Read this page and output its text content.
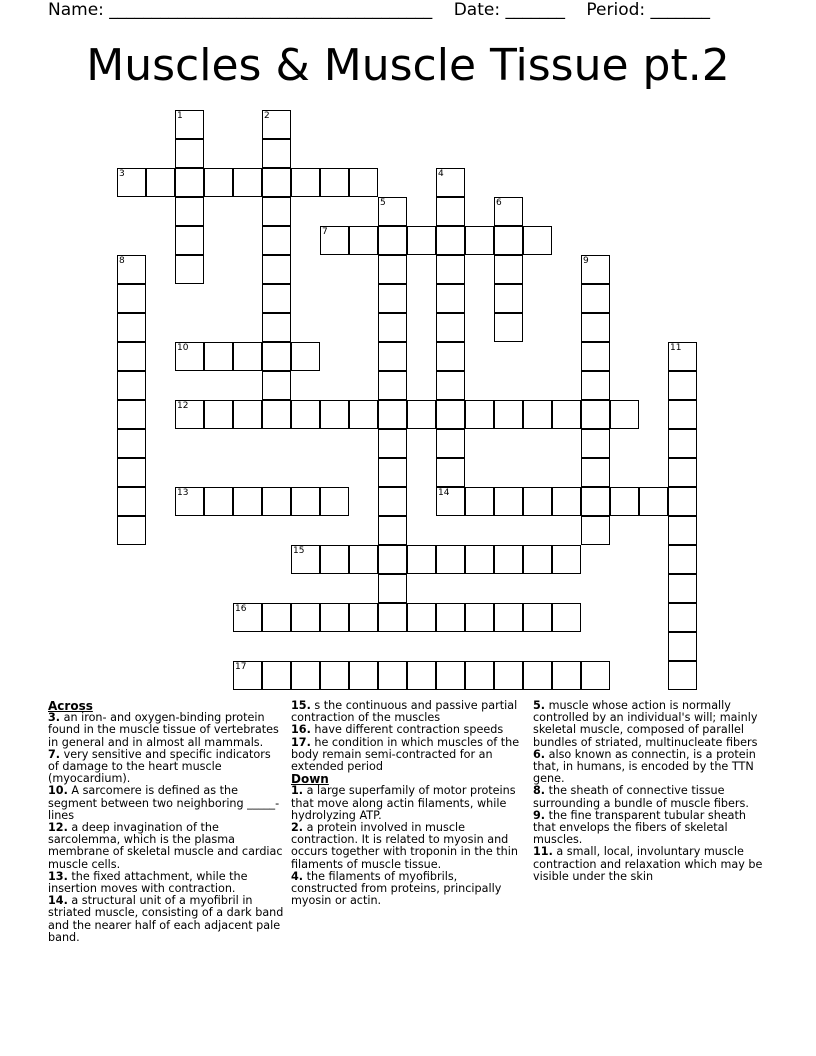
Name: ______________________________________ Date: _______ Period: _______
Muscles & Muscle Tissue pt.2
1	2
3	4
14
5	6
7
8	9
10	11
12
13
15
16
17

Across

3. an iron- and oxygen-binding protein found in the muscle tissue of vertebrates in general and in almost all mammals.

7. very sensitive and specific indicators of damage to the heart muscle (myocardium).

10. A sarcomere is defined as the segment between two neighboring _____-lines

12. a deep invagination of the sarcolemma, which is the plasma membrane of skeletal muscle and cardiac muscle cells.

13. the fixed attachment, while the insertion moves with contraction.

14. a structural unit of a myofibril in striated muscle, consisting of a dark band and the nearer half of each adjacent pale band.

15. s the continuous and passive partial contraction of the muscles

16. have different contraction speeds

17. he condition in which muscles of the body remain semi-contracted for an extended period

Down

1. a large superfamily of motor proteins that move along actin filaments, while hydrolyzing ATP.

2. a protein involved in muscle contraction. It is related to myosin and occurs together with troponin in the thin filaments of muscle tissue.

4. the filaments of myofibrils, constructed from proteins, principally myosin or actin.

5. muscle whose action is normally controlled by an individual's will; mainly skeletal muscle, composed of parallel bundles of striated, multinucleate fibers

6. also known as connectin, is a protein that, in humans, is encoded by the TTN gene.

8. the sheath of connective tissue surrounding a bundle of muscle fibers.

9. the fine transparent tubular sheath that envelops the fibers of skeletal muscles.

11. a small, local, involuntary muscle contraction and relaxation which may be visible under the skin
